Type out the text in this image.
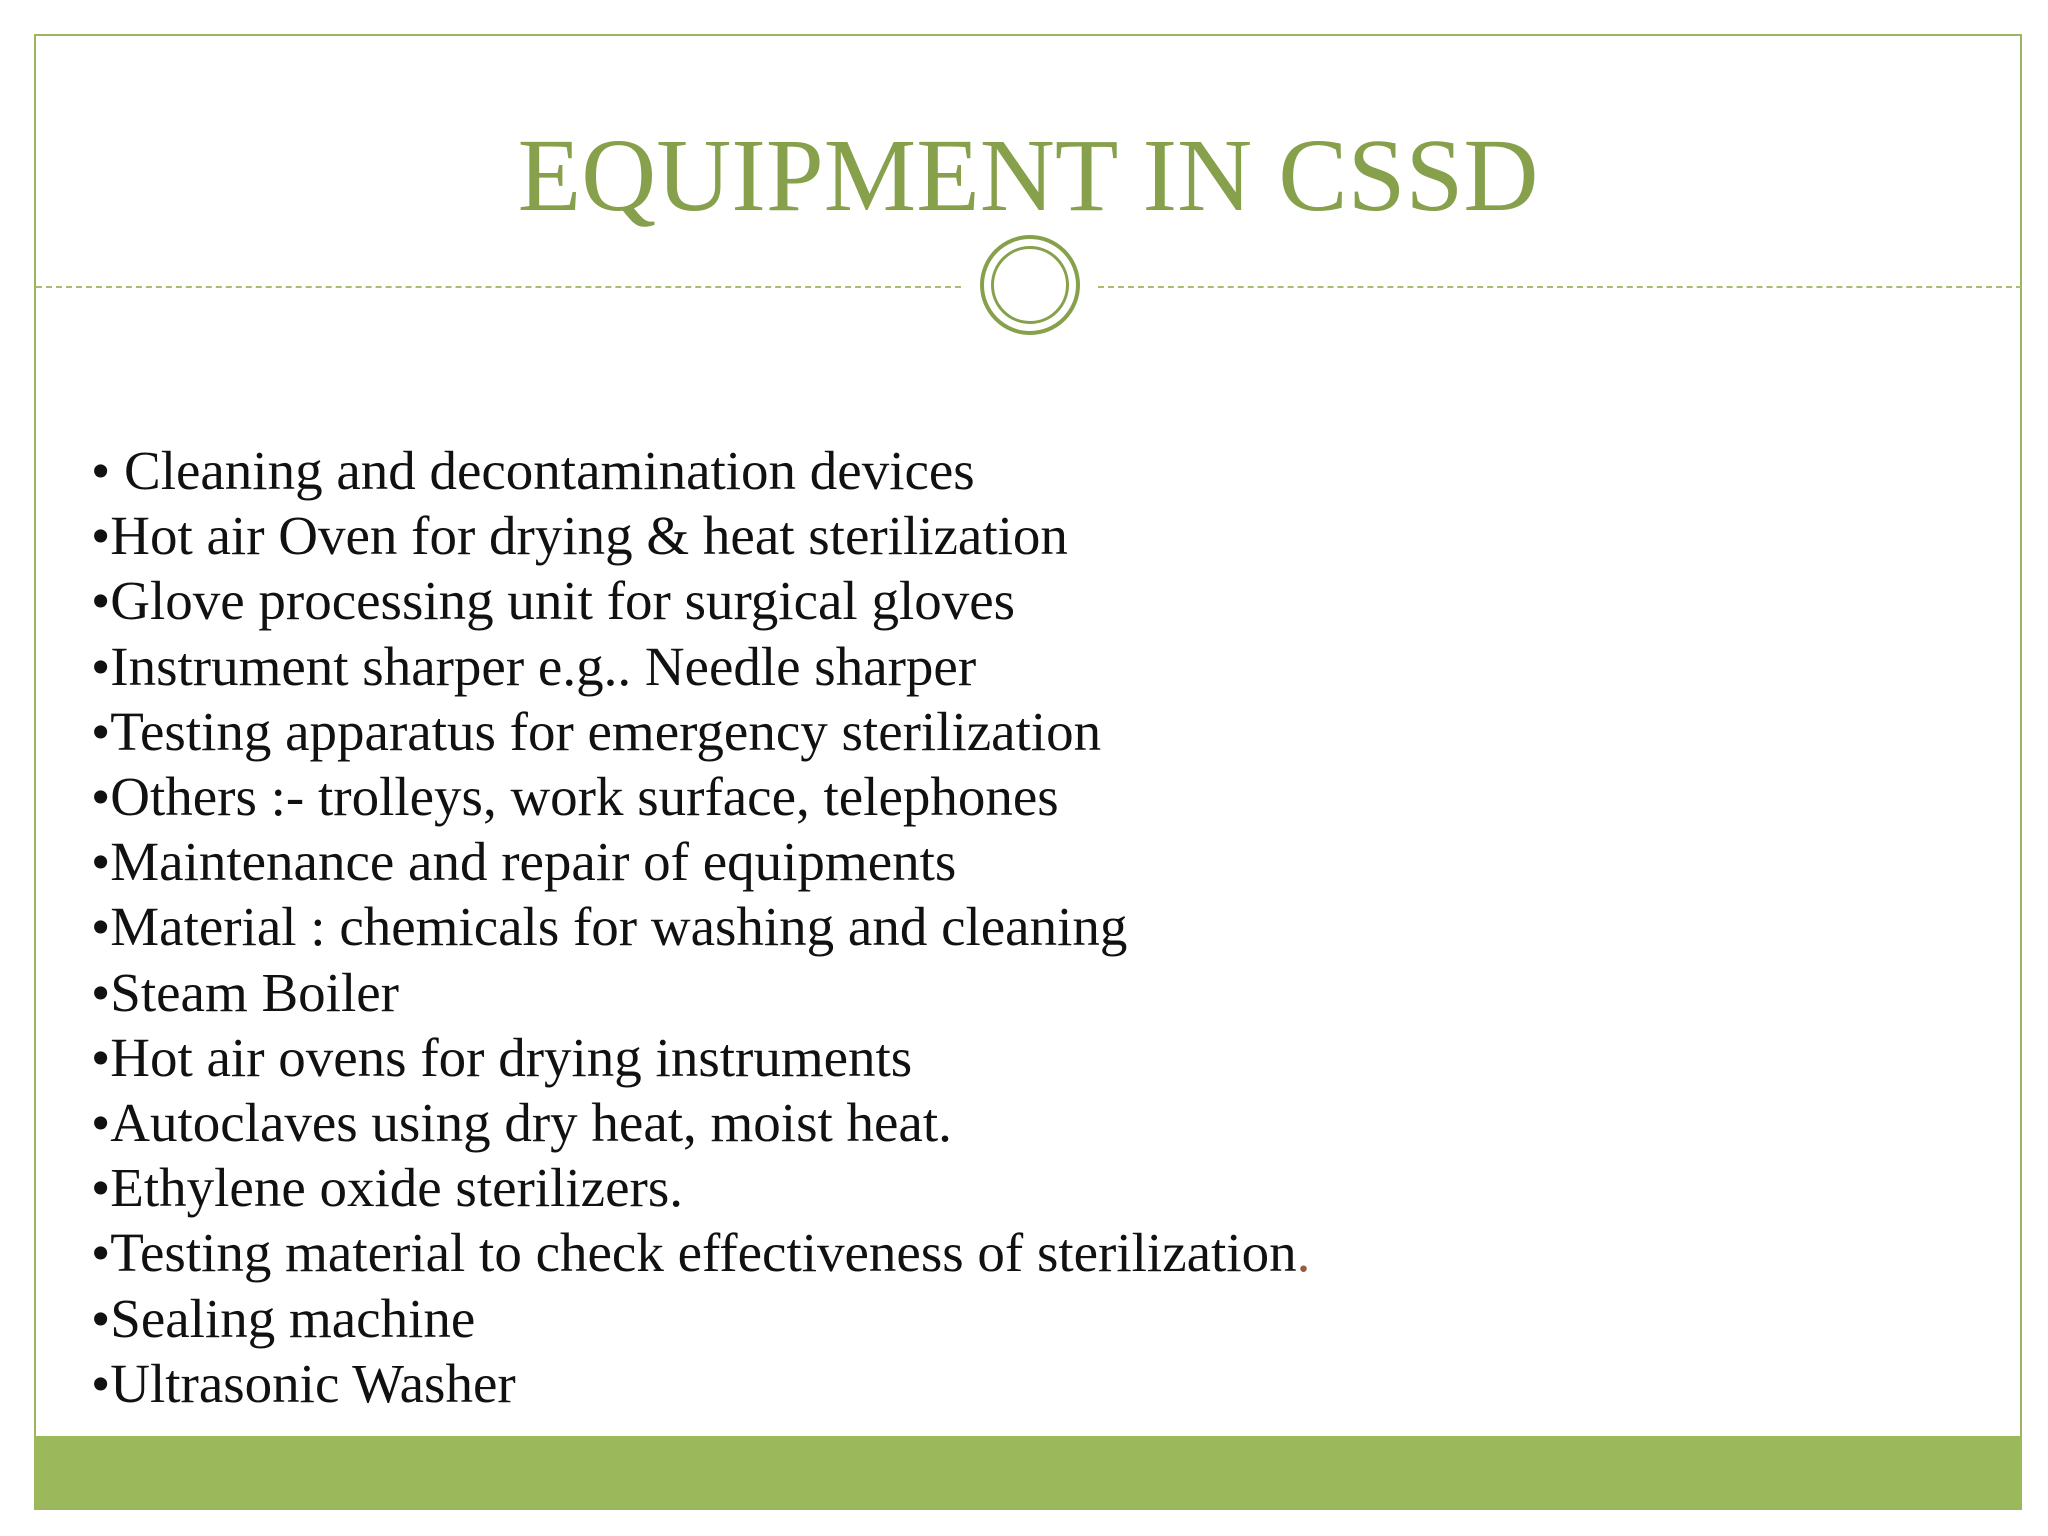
EQUIPMENT IN CSSD
• Cleaning and decontamination devices
•Hot air Oven for drying & heat sterilization
•Glove processing unit for surgical gloves
•Instrument sharper e.g.. Needle sharper
•Testing apparatus for emergency sterilization
•Others :- trolleys, work surface, telephones
•Maintenance and repair of equipments
•Material : chemicals for washing and cleaning
•Steam Boiler
•Hot air ovens for drying instruments
•Autoclaves using dry heat, moist heat.
•Ethylene oxide sterilizers.
•Testing material to check effectiveness of sterilization.
•Sealing machine
•Ultrasonic Washer
